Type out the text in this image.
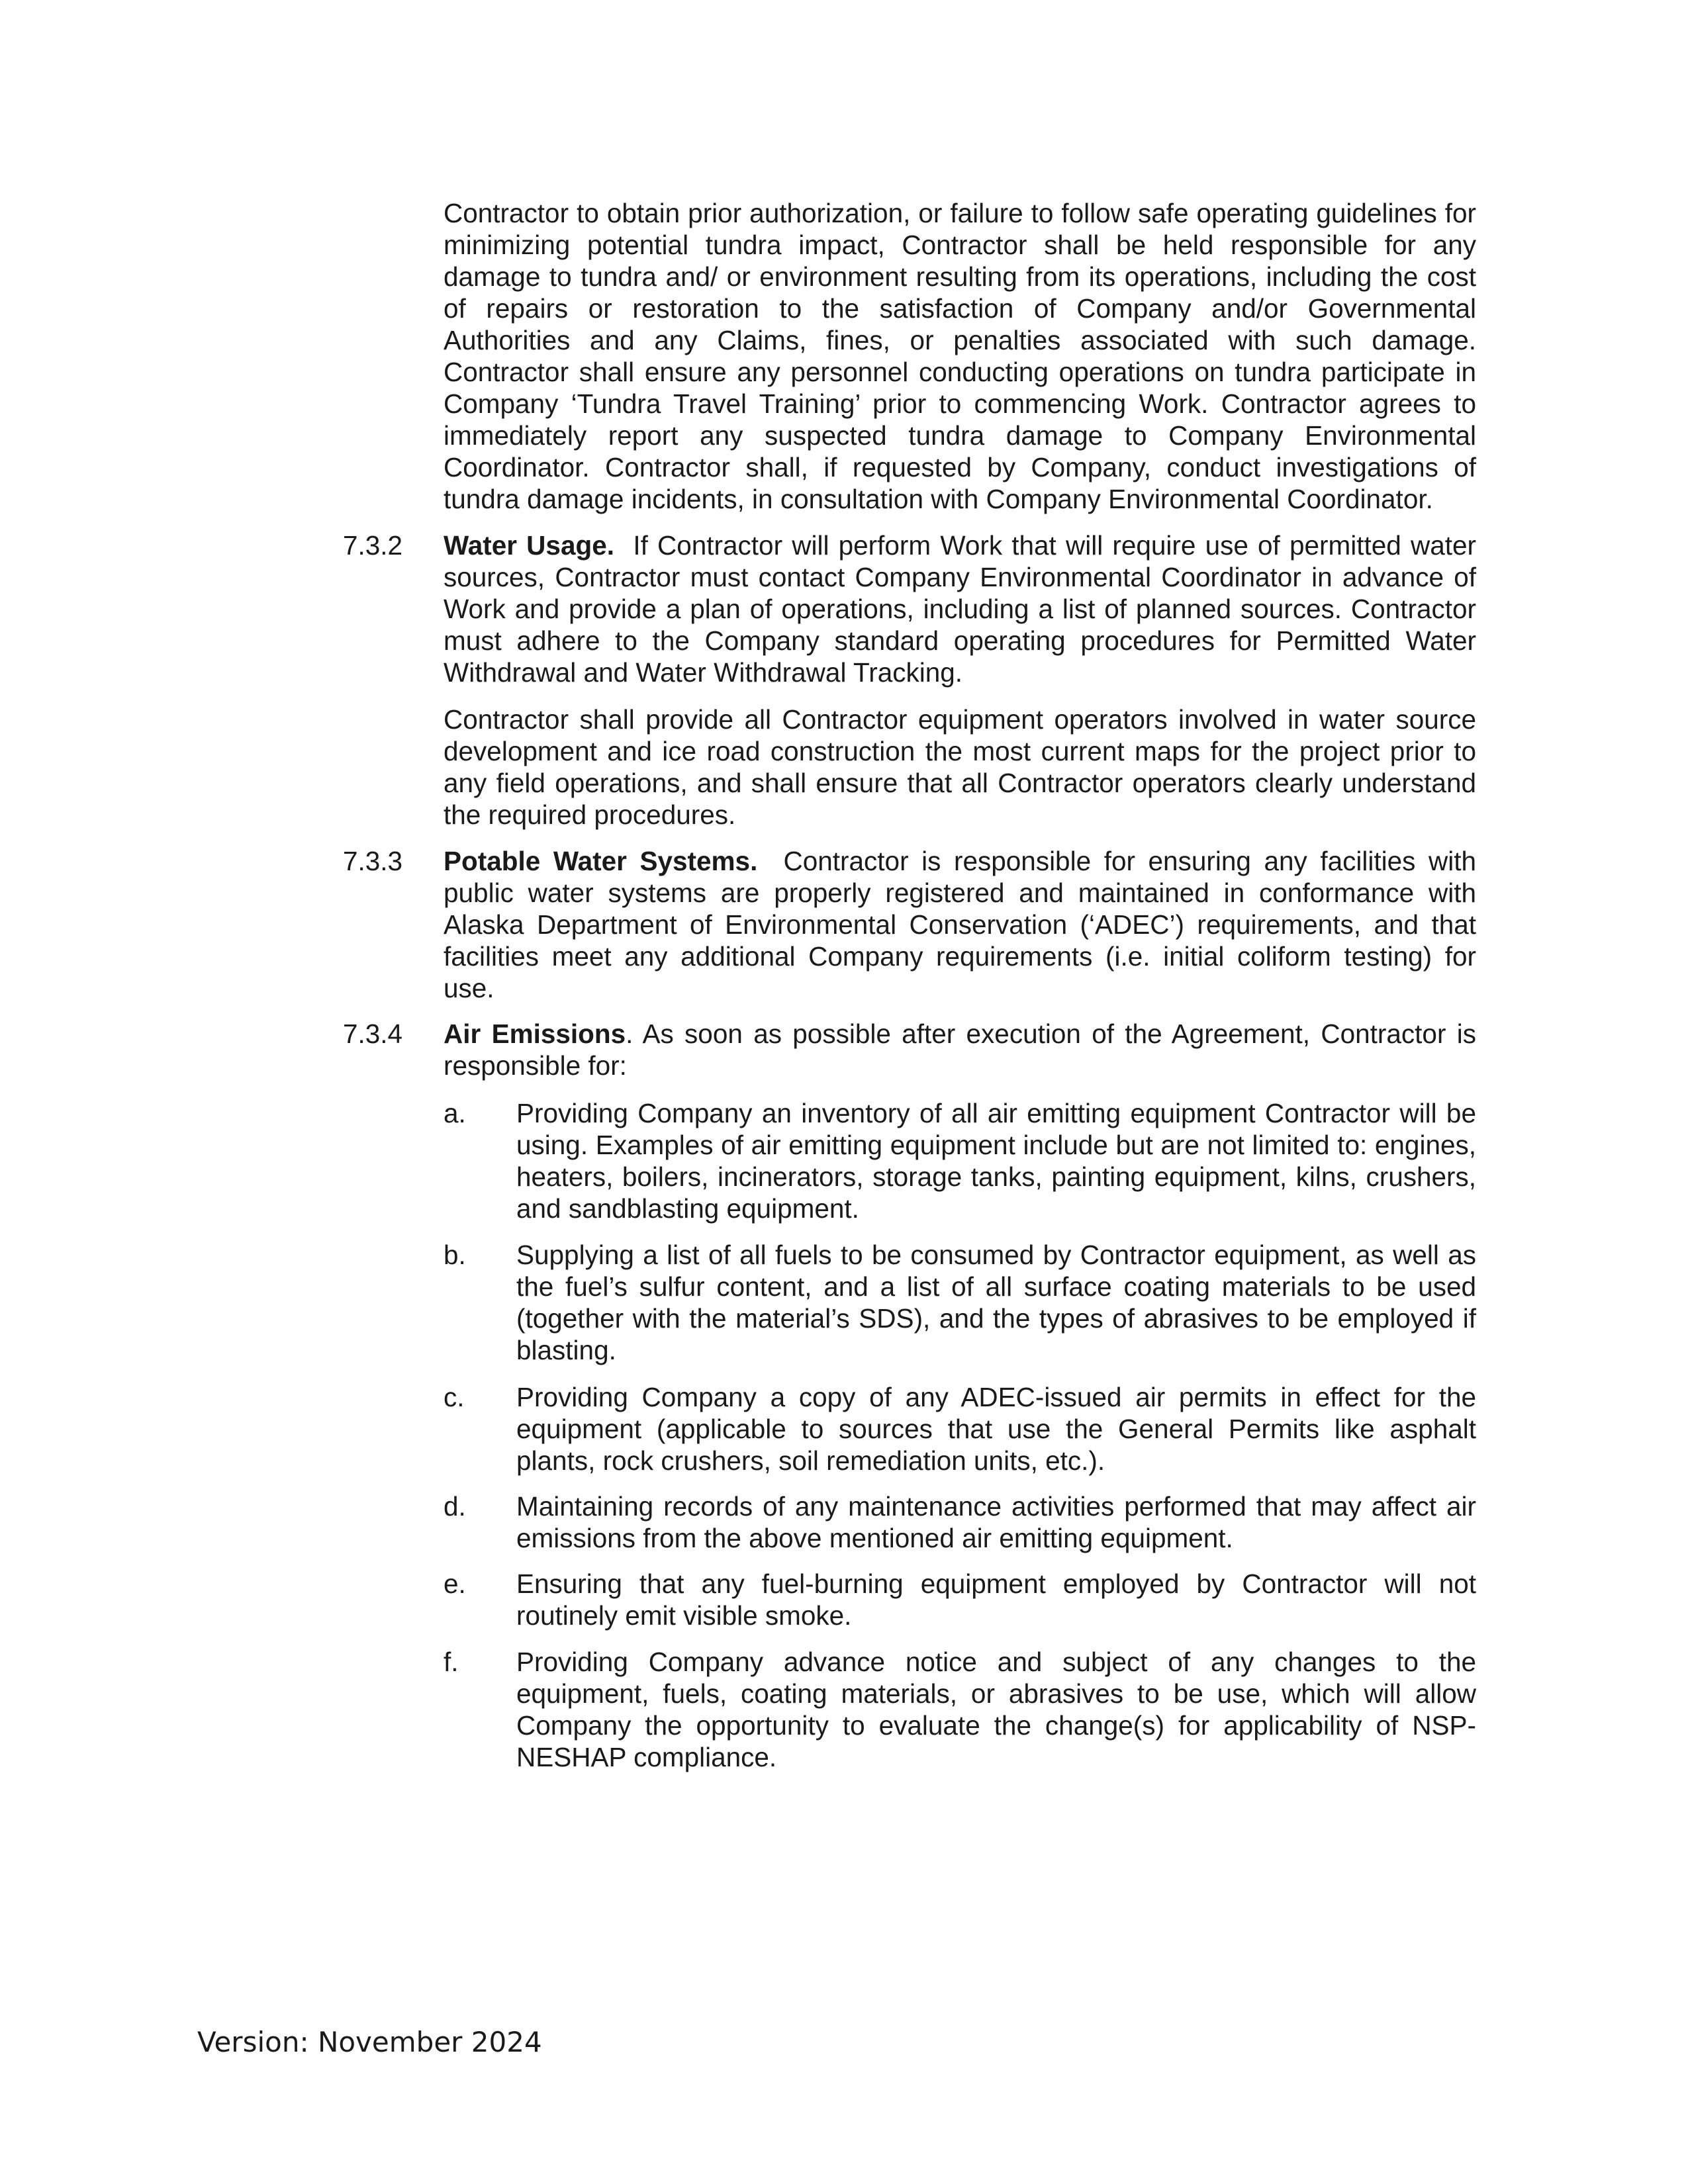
Contractor to obtain prior authorization, or failure to follow safe operating guidelines for minimizing potential tundra impact, Contractor shall be held responsible for any damage to tundra and/ or environment resulting from its operations, including the cost of repairs or restoration to the satisfaction of Company and/or Governmental Authorities and any Claims, fines, or penalties associated with such damage. Contractor shall ensure any personnel conducting operations on tundra participate in Company ‘Tundra Travel Training’ prior to commencing Work. Contractor agrees to immediately report any suspected tundra damage to Company Environmental Coordinator. Contractor shall, if requested by Company, conduct investigations of tundra damage incidents, in consultation with Company Environmental Coordinator.

7.3.2 Water Usage. If Contractor will perform Work that will require use of permitted water sources, Contractor must contact Company Environmental Coordinator in advance of Work and provide a plan of operations, including a list of planned sources. Contractor must adhere to the Company standard operating procedures for Permitted Water Withdrawal and Water Withdrawal Tracking.

Contractor shall provide all Contractor equipment operators involved in water source development and ice road construction the most current maps for the project prior to any field operations, and shall ensure that all Contractor operators clearly understand the required procedures.

7.3.3 Potable Water Systems. Contractor is responsible for ensuring any facilities with public water systems are properly registered and maintained in conformance with Alaska Department of Environmental Conservation (‘ADEC’) requirements, and that facilities meet any additional Company requirements (i.e. initial coliform testing) for use.

7.3.4 Air Emissions. As soon as possible after execution of the Agreement, Contractor is responsible for:

a. Providing Company an inventory of all air emitting equipment Contractor will be using. Examples of air emitting equipment include but are not limited to: engines, heaters, boilers, incinerators, storage tanks, painting equipment, kilns, crushers, and sandblasting equipment.

b. Supplying a list of all fuels to be consumed by Contractor equipment, as well as the fuel’s sulfur content, and a list of all surface coating materials to be used (together with the material’s SDS), and the types of abrasives to be employed if blasting.

c. Providing Company a copy of any ADEC-issued air permits in effect for the equipment (applicable to sources that use the General Permits like asphalt plants, rock crushers, soil remediation units, etc.).

d. Maintaining records of any maintenance activities performed that may affect air emissions from the above mentioned air emitting equipment.

e. Ensuring that any fuel-burning equipment employed by Contractor will not routinely emit visible smoke.

f. Providing Company advance notice and subject of any changes to the equipment, fuels, coating materials, or abrasives to be use, which will allow Company the opportunity to evaluate the change(s) for applicability of NSP-NESHAP compliance.

Version: November 2024
